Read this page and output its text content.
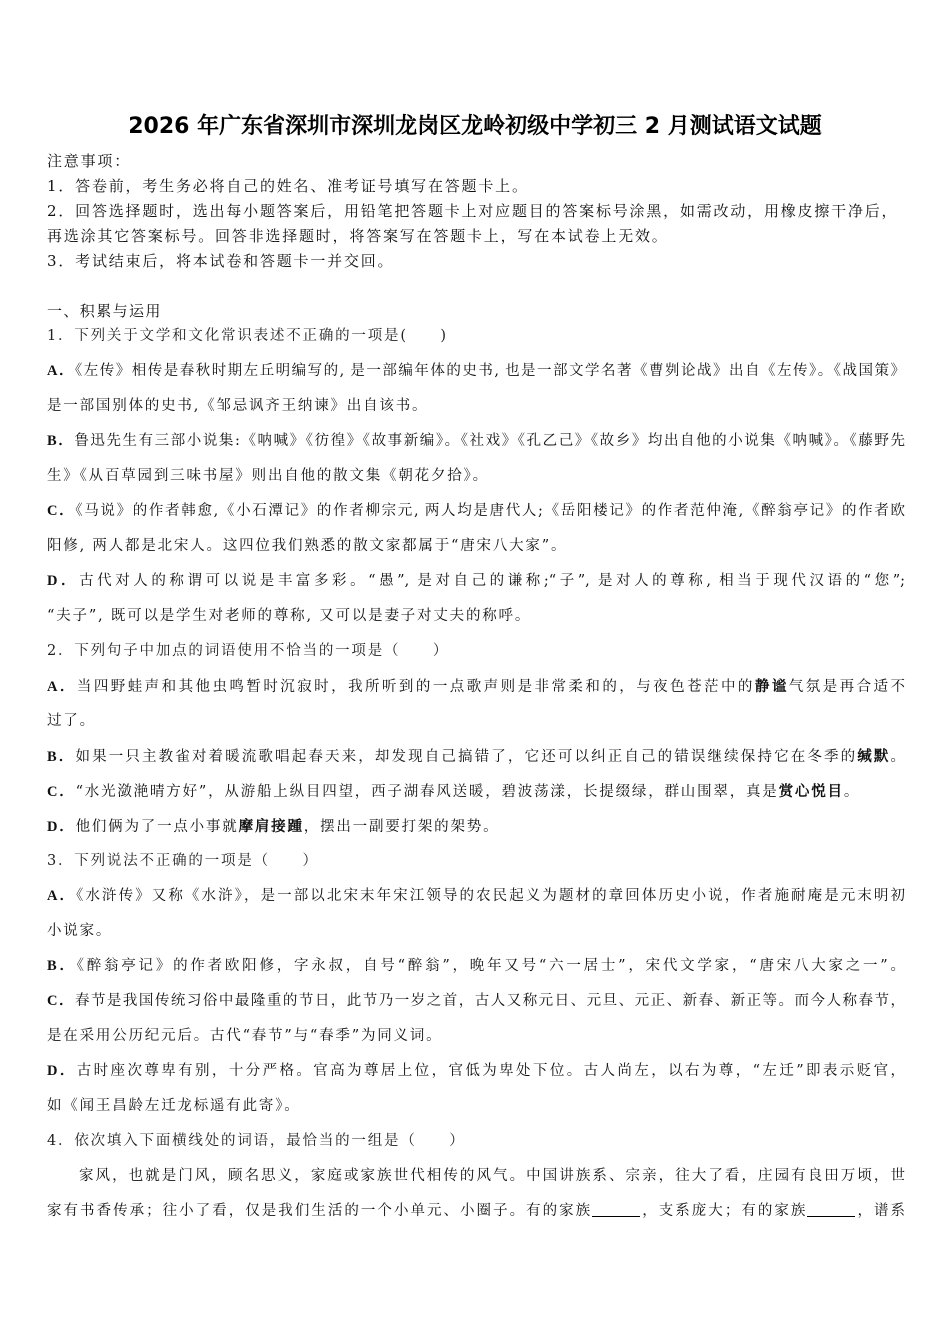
2026 年广东省深圳市深圳龙岗区龙岭初级中学初三 2 月测试语文试题
注意事项：
1．答卷前，考生务必将自己的姓名、准考证号填写在答题卡上。
2．回答选择题时，选出每小题答案后，用铅笔把答题卡上对应题目的答案标号涂黑，如需改动，用橡皮擦干净后，
再选涂其它答案标号。回答非选择题时，将答案写在答题卡上，写在本试卷上无效。
3．考试结束后，将本试卷和答题卡一并交回。
一、积累与运用
1．下列关于文学和文化常识表述不正确的一项是(　　)
A．《左传》相传是春秋时期左丘明编写的, 是一部编年体的史书, 也是一部文学名著《曹刿论战》出自《左传》。《战国策》
是一部国别体的史书,《邹忌讽齐王纳谏》出自该书。
B．鲁迅先生有三部小说集:《呐喊》《彷徨》《故事新编》。《社戏》《孔乙己》《故乡》均出自他的小说集《呐喊》。《藤野先
生》《从百草园到三味书屋》则出自他的散文集《朝花夕拾》。
C．《马说》的作者韩愈,《小石潭记》的作者柳宗元, 两人均是唐代人;《岳阳楼记》的作者范仲淹,《醉翁亭记》的作者欧
阳修, 两人都是北宋人。这四位我们熟悉的散文家都属于“唐宋八大家”。
D．古代对人的称谓可以说是丰富多彩。“愚”, 是对自己的谦称;“子”, 是对人的尊称, 相当于现代汉语的“您”;
“夫子”, 既可以是学生对老师的尊称, 又可以是妻子对丈夫的称呼。
2．下列句子中加点的词语使用不恰当的一项是（　　）
A．当四野蛙声和其他虫鸣暂时沉寂时，我所听到的一点歌声则是非常柔和的，与夜色苍茫中的静谧气氛是再合适不
过了。
B．如果一只主教雀对着暖流歌唱起春天来，却发现自己搞错了，它还可以纠正自己的错误继续保持它在冬季的缄默。
C．“水光潋滟晴方好”，从游船上纵目四望，西子湖春风送暖，碧波荡漾，长提缀绿，群山围翠，真是赏心悦目。
D．他们俩为了一点小事就摩肩接踵，摆出一副要打架的架势。
3．下列说法不正确的一项是（　　）
A．《水浒传》又称《水浒》，是一部以北宋末年宋江领导的农民起义为题材的章回体历史小说，作者施耐庵是元末明初
小说家。
B．《醉翁亭记》的作者欧阳修，字永叔，自号“醉翁”，晚年又号“六一居士”，宋代文学家，“唐宋八大家之一”。
C．春节是我国传统习俗中最隆重的节日，此节乃一岁之首，古人又称元日、元旦、元正、新春、新正等。而今人称春节，
是在采用公历纪元后。古代“春节”与“春季”为同义词。
D．古时座次尊卑有别，十分严格。官高为尊居上位，官低为卑处下位。古人尚左，以右为尊，“左迁”即表示贬官，
如《闻王昌龄左迁龙标遥有此寄》。
4．依次填入下面横线处的词语，最恰当的一组是（　　）
家风，也就是门风，顾名思义，家庭或家族世代相传的风气。中国讲族系、宗亲，往大了看，庄园有良田万顷，世
家有书香传承；往小了看，仅是我们生活的一个小单元、小圈子。有的家族	，支系庞大；有的家族	，谱系
